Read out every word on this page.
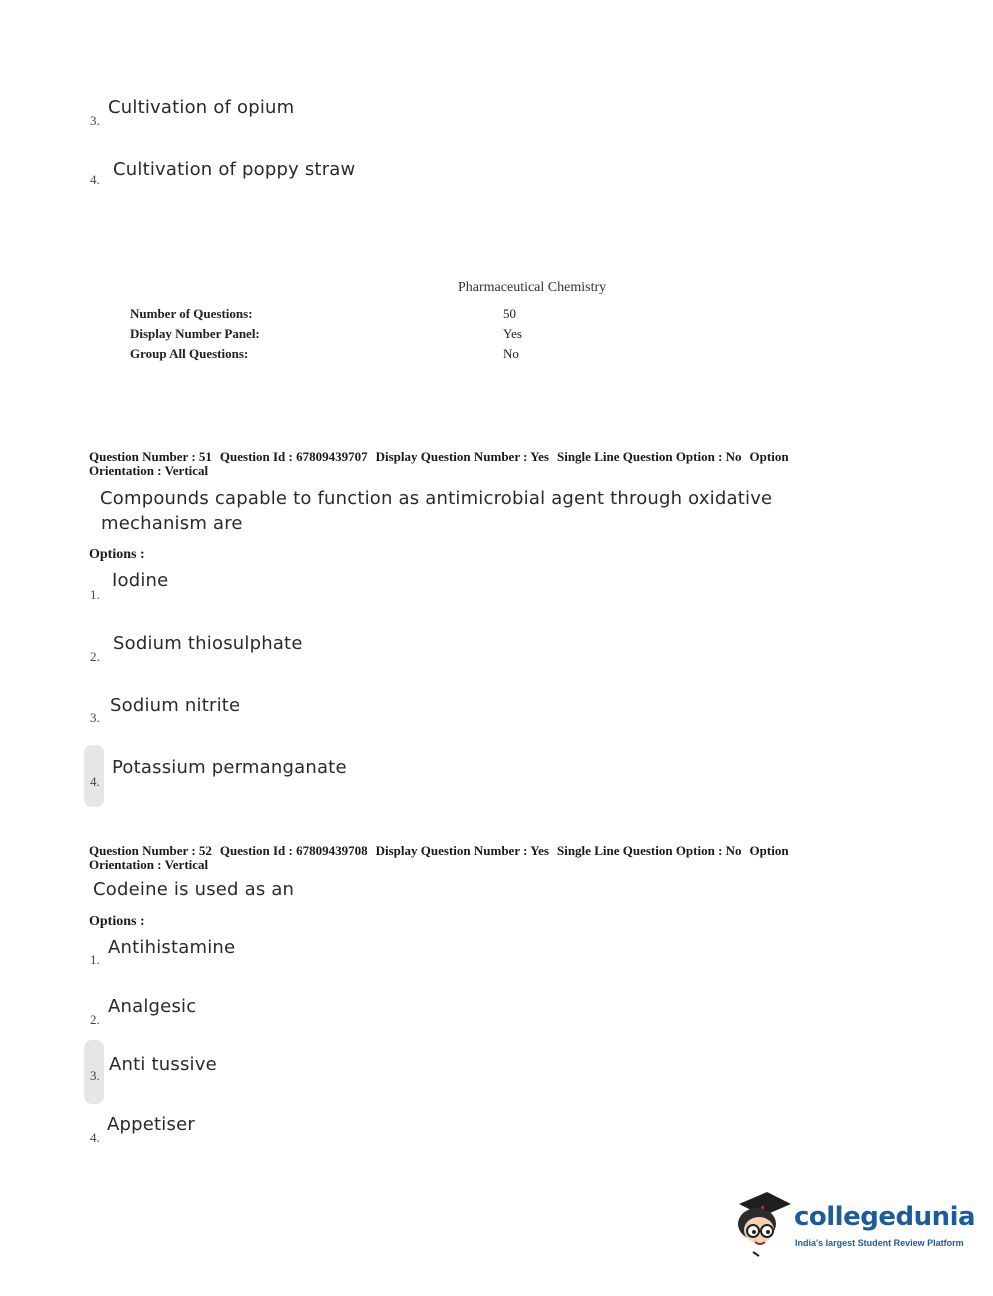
3.
Cultivation of opium
4. Cultivation of poppy straw
Pharmaceutical Chemistry
Number of Questions:	50
Display Number Panel:	Yes
Group All Questions:	No
Question Number : 51 Question Id : 67809439707 Display Question Number : Yes Single Line Question Option : No Option
Orientation : Vertical
Compounds capable to function as antimicrobial agent through oxidative
mechanism are
Options :
1.
Iodine
2.
Sodium thiosulphate
3.
Sodium nitrite
4.
Potassium permanganate
Question Number : 52 Question Id : 67809439708 Display Question Number : Yes Single Line Question Option : No Option
Orientation : Vertical
Codeine is used as an
Options :
1.
Antihistamine
2.
Analgesic
3.
Anti tussive
4.
Appetiser
collegedunia
India's largest Student Review Platform
